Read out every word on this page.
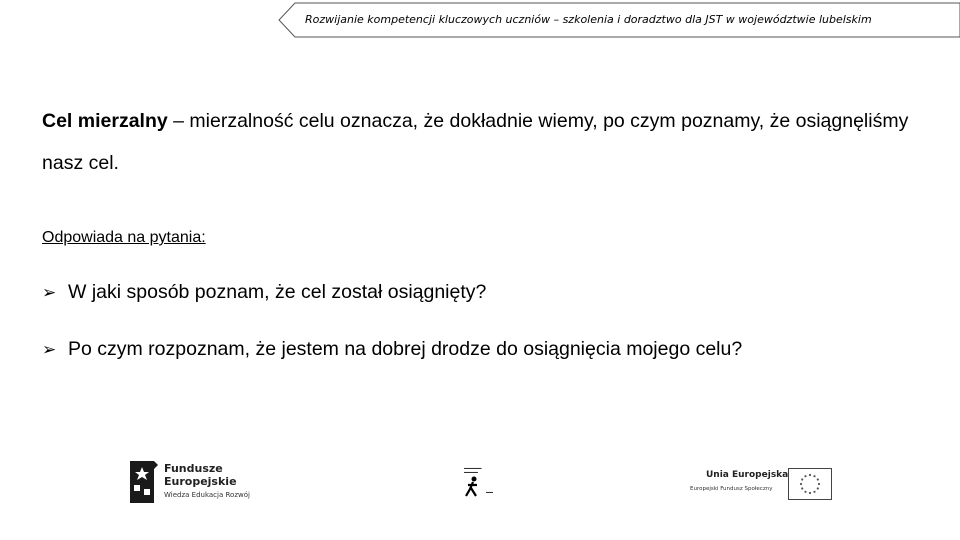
Rozwijanie kompetencji kluczowych uczniów – szkolenia i doradztwo dla JST w województwie lubelskim
Cel mierzalny – mierzalność celu oznacza, że dokładnie wiemy, po czym poznamy, że osiągnęliśmy nasz cel.
Odpowiada na pytania:
➢ W jaki sposób poznam, że cel został osiągnięty?
➢ Po czym rozpoznam, że jestem na dobrej drodze do osiągnięcia mojego celu?
Fundusze
Europejskie
Wiedza Edukacja Rozwój
▬▬▬▬▬
▬▬▬▬
▬▬
Unia Europejska
Europejski Fundusz Społeczny
